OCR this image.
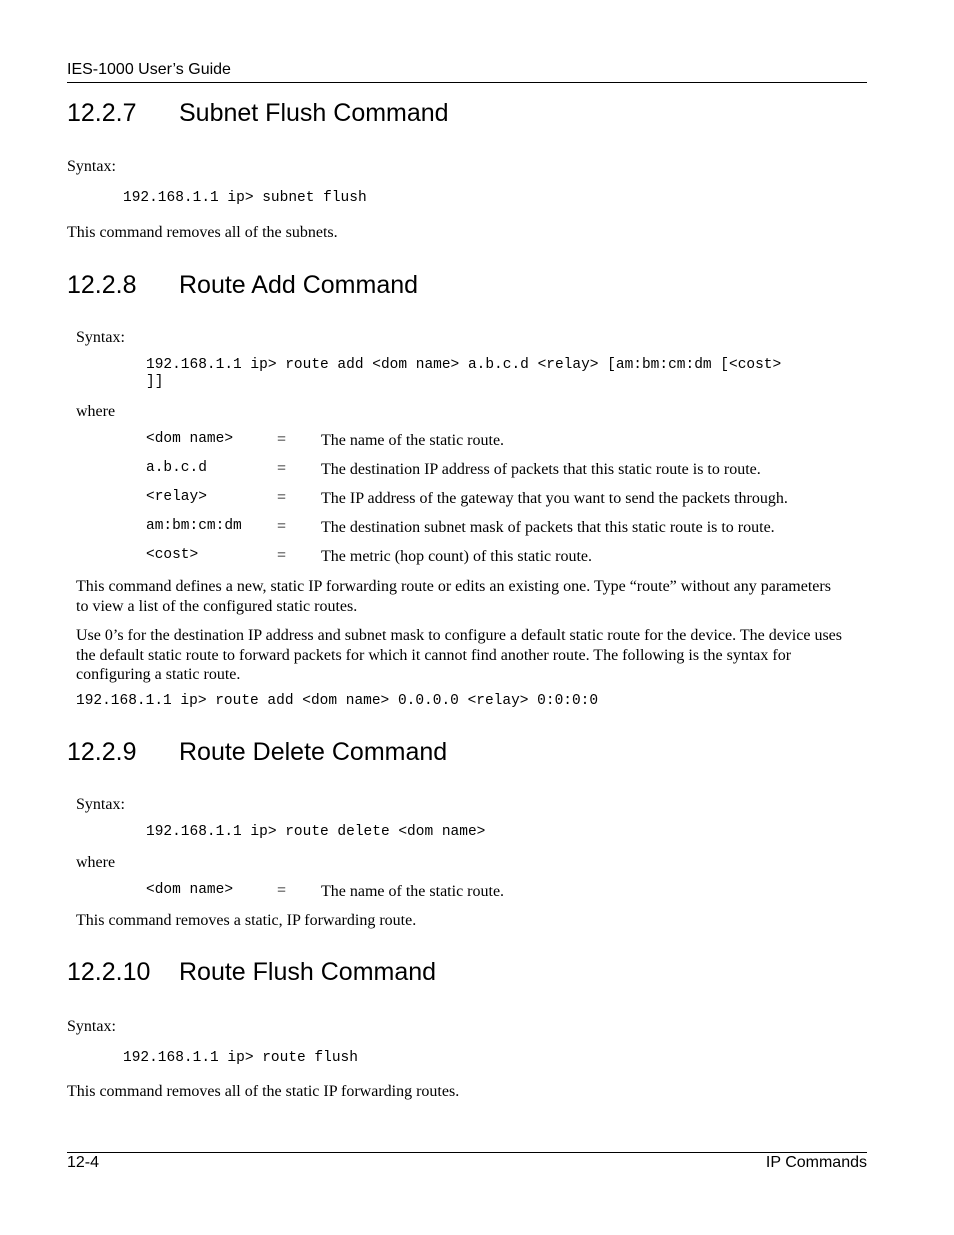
IES-1000 User’s Guide
12.2.7 Subnet Flush Command
Syntax:
192.168.1.1 ip> subnet flush
This command removes all of the subnets.
12.2.8 Route Add Command
Syntax:
192.168.1.1 ip> route add <dom name> a.b.c.d <relay> [am:bm:cm:dm [<cost>
]]
where
<dom name>	= The name of the static route.
a.b.c.d	= The destination IP address of packets that this static route is to route.
<relay>	= The IP address of the gateway that you want to send the packets through.
am:bm:cm:dm = The destination subnet mask of packets that this static route is to route.
<cost>	= The metric (hop count) of this static route.
This command defines a new, static IP forwarding route or edits an existing one. Type “route” without any parameters to view a list of the configured static routes.
Use 0’s for the destination IP address and subnet mask to configure a default static route for the device. The device uses the default static route to forward packets for which it cannot find another route. The following is the syntax for configuring a static route.
192.168.1.1 ip> route add <dom name> 0.0.0.0 <relay> 0:0:0:0
12.2.9 Route Delete Command
Syntax:
192.168.1.1 ip> route delete <dom name>
where
<dom name>	= The name of the static route.
This command removes a static, IP forwarding route.
12.2.10 Route Flush Command
Syntax:
192.168.1.1 ip> route flush
This command removes all of the static IP forwarding routes.
12-4	IP Commands
